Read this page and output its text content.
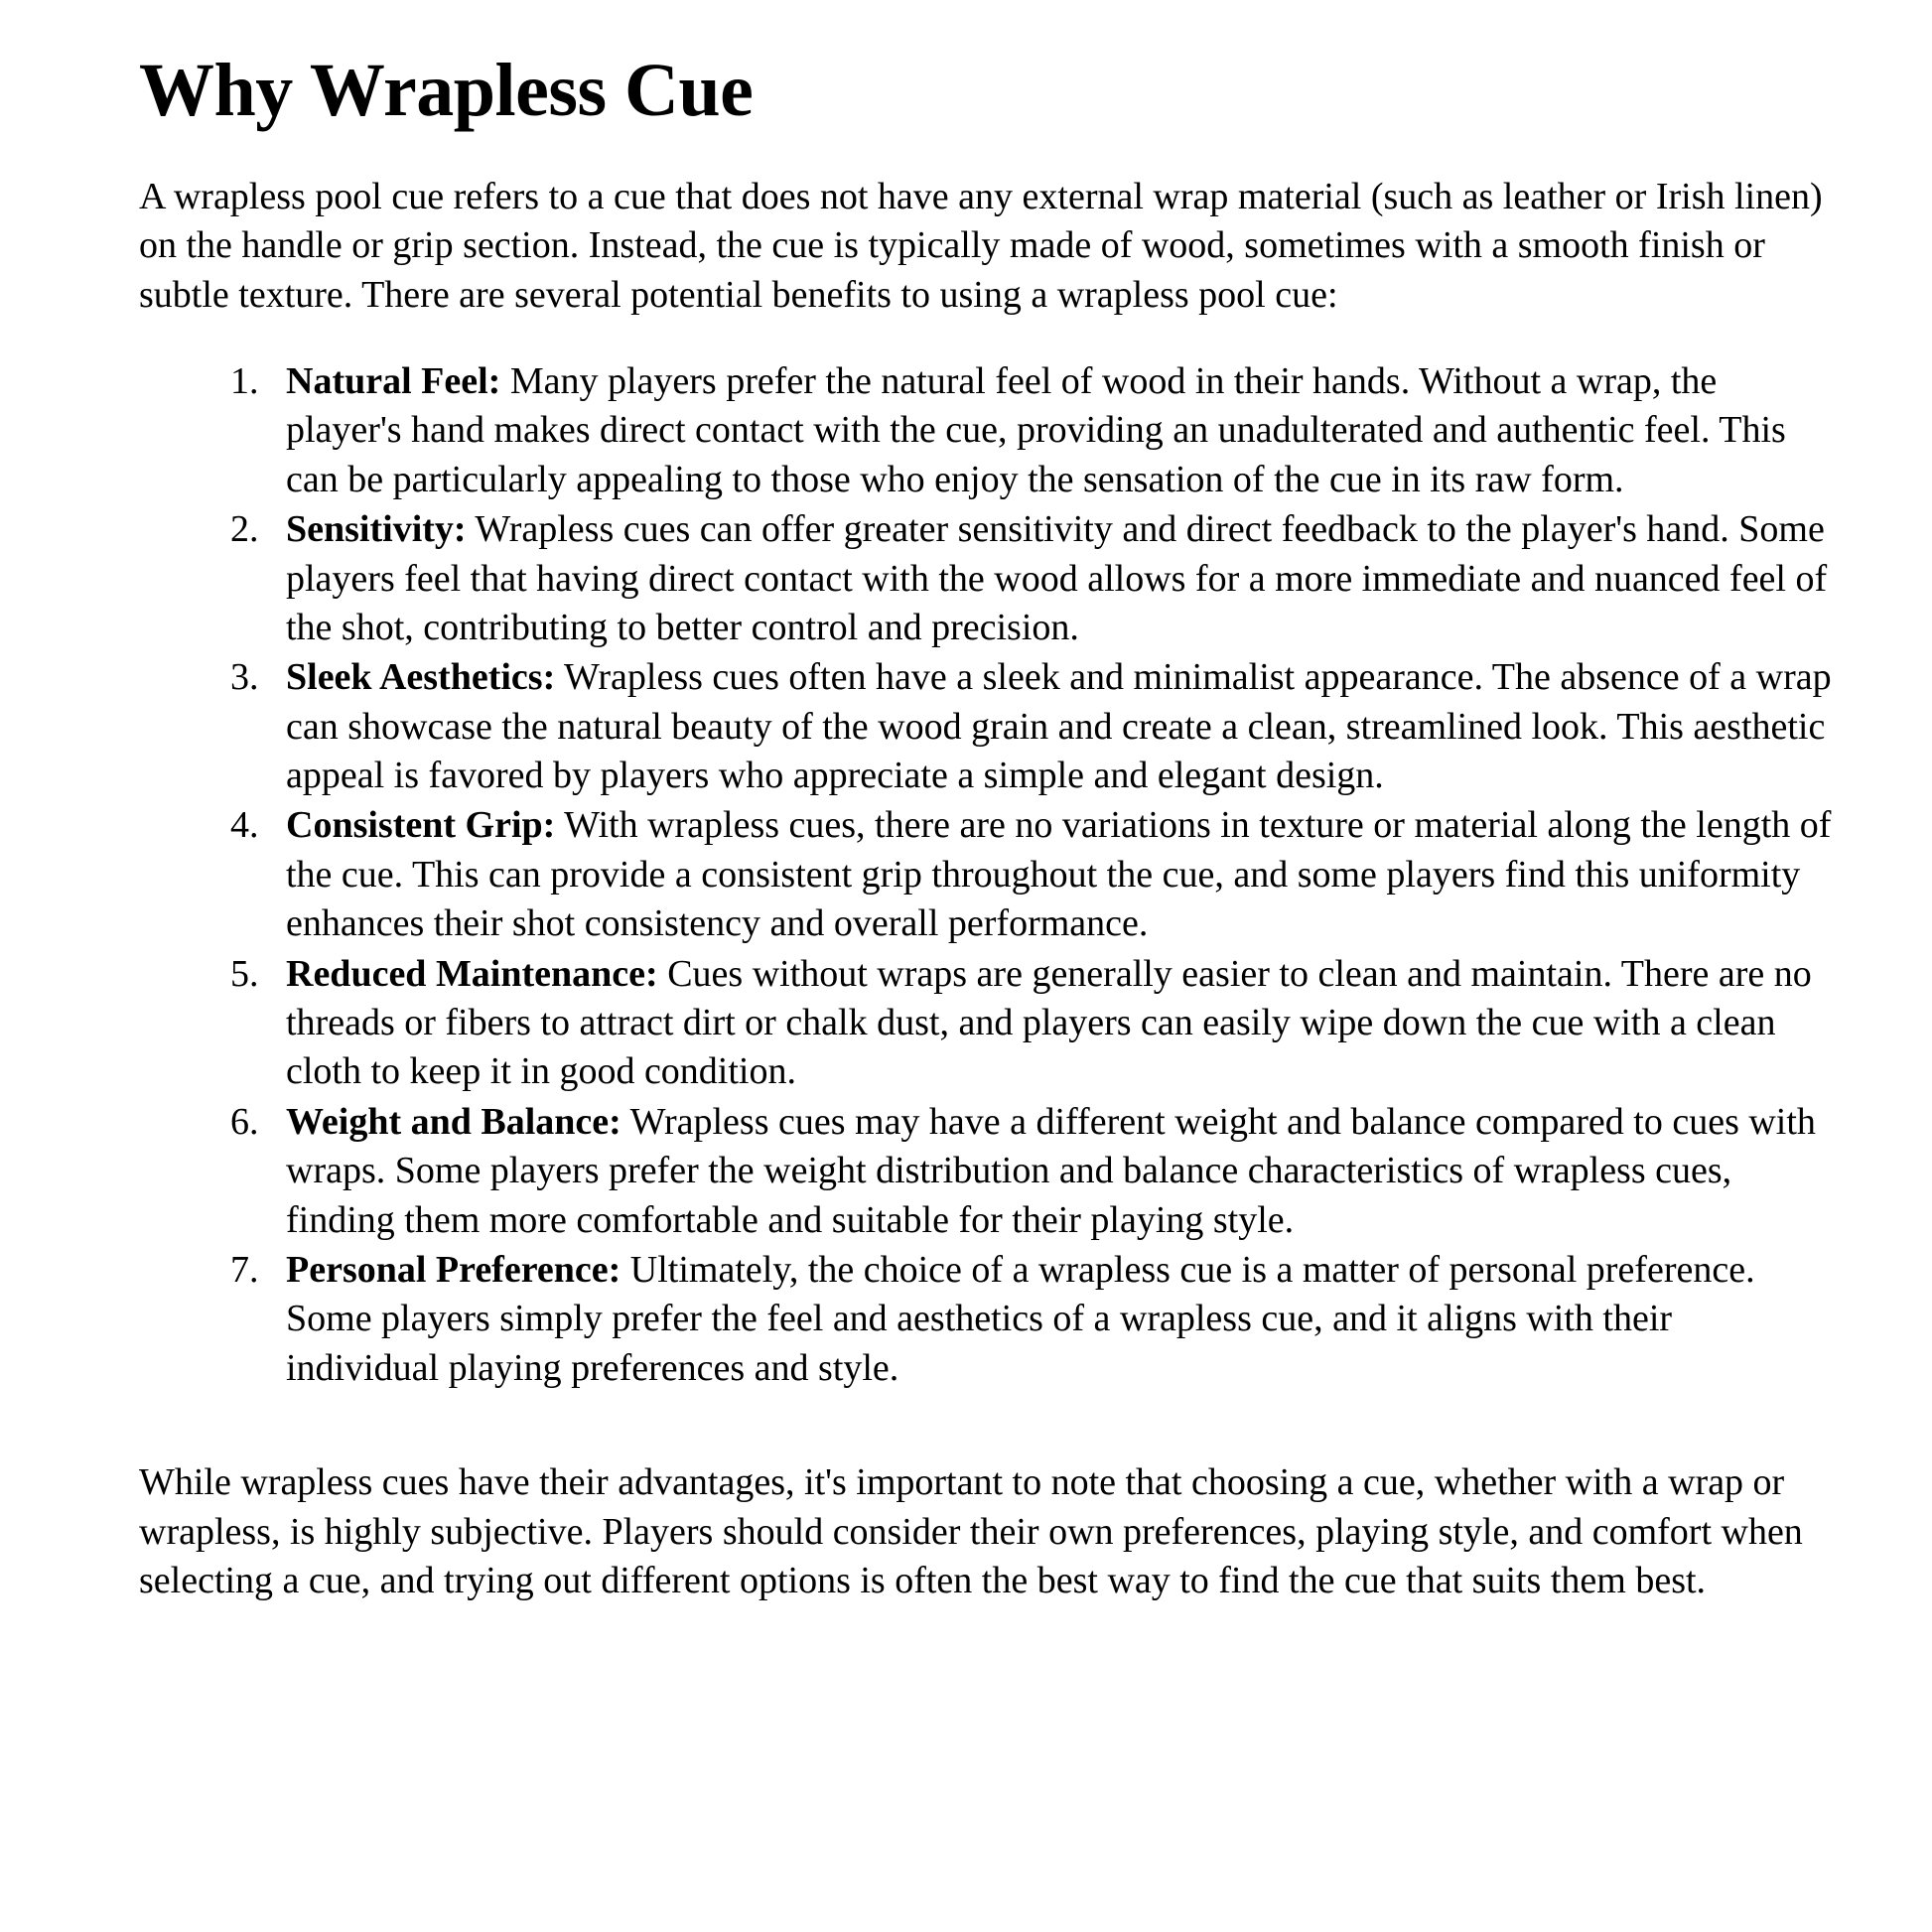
Why Wrapless Cue

A wrapless pool cue refers to a cue that does not have any external wrap material (such as leather or Irish linen) on the handle or grip section. Instead, the cue is typically made of wood, sometimes with a smooth finish or subtle texture. There are several potential benefits to using a wrapless pool cue:

1. Natural Feel: Many players prefer the natural feel of wood in their hands. Without a wrap, the player's hand makes direct contact with the cue, providing an unadulterated and authentic feel. This can be particularly appealing to those who enjoy the sensation of the cue in its raw form.
2. Sensitivity: Wrapless cues can offer greater sensitivity and direct feedback to the player's hand. Some players feel that having direct contact with the wood allows for a more immediate and nuanced feel of the shot, contributing to better control and precision.
3. Sleek Aesthetics: Wrapless cues often have a sleek and minimalist appearance. The absence of a wrap can showcase the natural beauty of the wood grain and create a clean, streamlined look. This aesthetic appeal is favored by players who appreciate a simple and elegant design.
4. Consistent Grip: With wrapless cues, there are no variations in texture or material along the length of the cue. This can provide a consistent grip throughout the cue, and some players find this uniformity enhances their shot consistency and overall performance.
5. Reduced Maintenance: Cues without wraps are generally easier to clean and maintain. There are no threads or fibers to attract dirt or chalk dust, and players can easily wipe down the cue with a clean cloth to keep it in good condition.
6. Weight and Balance: Wrapless cues may have a different weight and balance compared to cues with wraps. Some players prefer the weight distribution and balance characteristics of wrapless cues, finding them more comfortable and suitable for their playing style.
7. Personal Preference: Ultimately, the choice of a wrapless cue is a matter of personal preference. Some players simply prefer the feel and aesthetics of a wrapless cue, and it aligns with their individual playing preferences and style.

While wrapless cues have their advantages, it's important to note that choosing a cue, whether with a wrap or wrapless, is highly subjective. Players should consider their own preferences, playing style, and comfort when selecting a cue, and trying out different options is often the best way to find the cue that suits them best.
